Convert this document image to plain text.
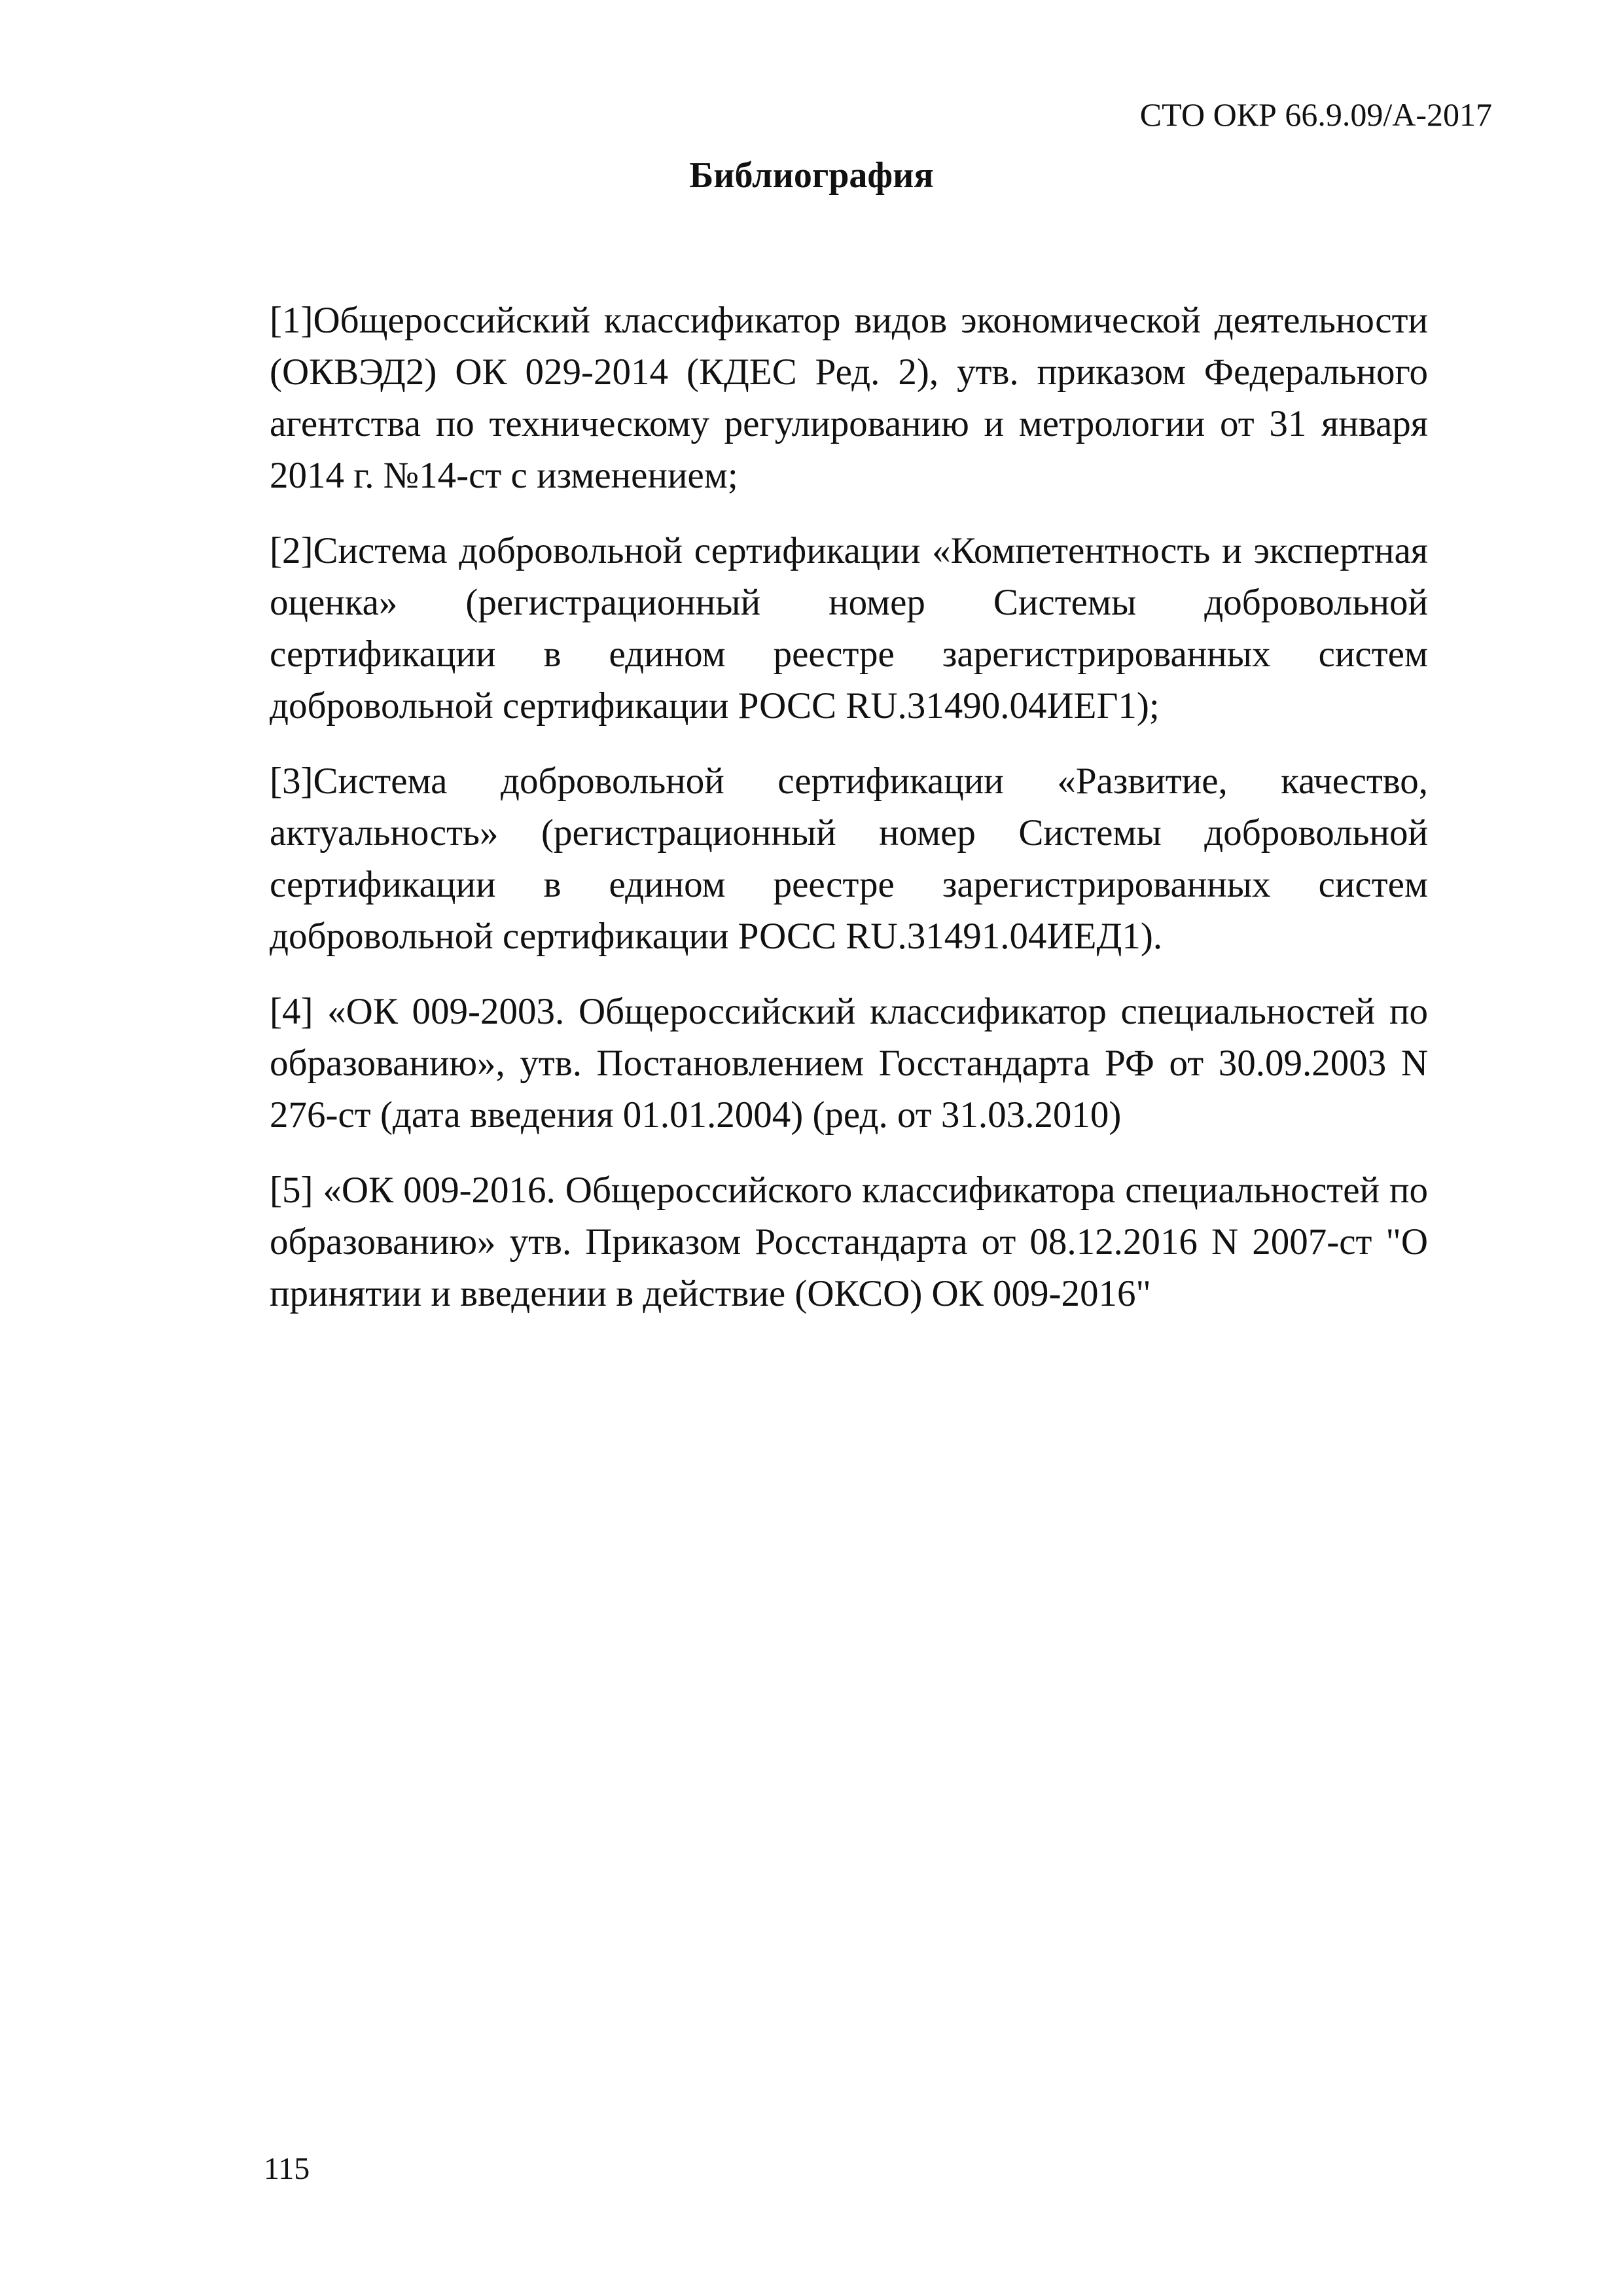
СТО ОКР 66.9.09/А-2017
Библиография

[1]Общероссийский классификатор видов экономической деятельности (ОКВЭД2) ОК 029-2014 (КДЕС Ред. 2), утв. приказом Федерального агентства по техническому регулированию и метрологии от 31 января 2014 г. №14-ст с изменением;

[2]Система добровольной сертификации «Компетентность и экспертная оценка» (регистрационный номер Системы добровольной сертификации в едином реестре зарегистрированных систем добровольной сертификации РОСС RU.31490.04ИЕГ1);

[3]Система добровольной сертификации «Развитие, качество, актуальность» (регистрационный номер Системы добровольной сертификации в едином реестре зарегистрированных систем добровольной сертификации РОСС RU.31491.04ИЕД1).

[4] «ОК 009-2003. Общероссийский классификатор специальностей по образованию», утв. Постановлением Госстандарта РФ от 30.09.2003 N 276-ст (дата введения 01.01.2004) (ред. от 31.03.2010)

[5] «ОК 009-2016. Общероссийского классификатора специальностей по образованию» утв. Приказом Росстандарта от 08.12.2016 N 2007-ст "О принятии и введении в действие (ОКСО) ОК 009-2016"

115
